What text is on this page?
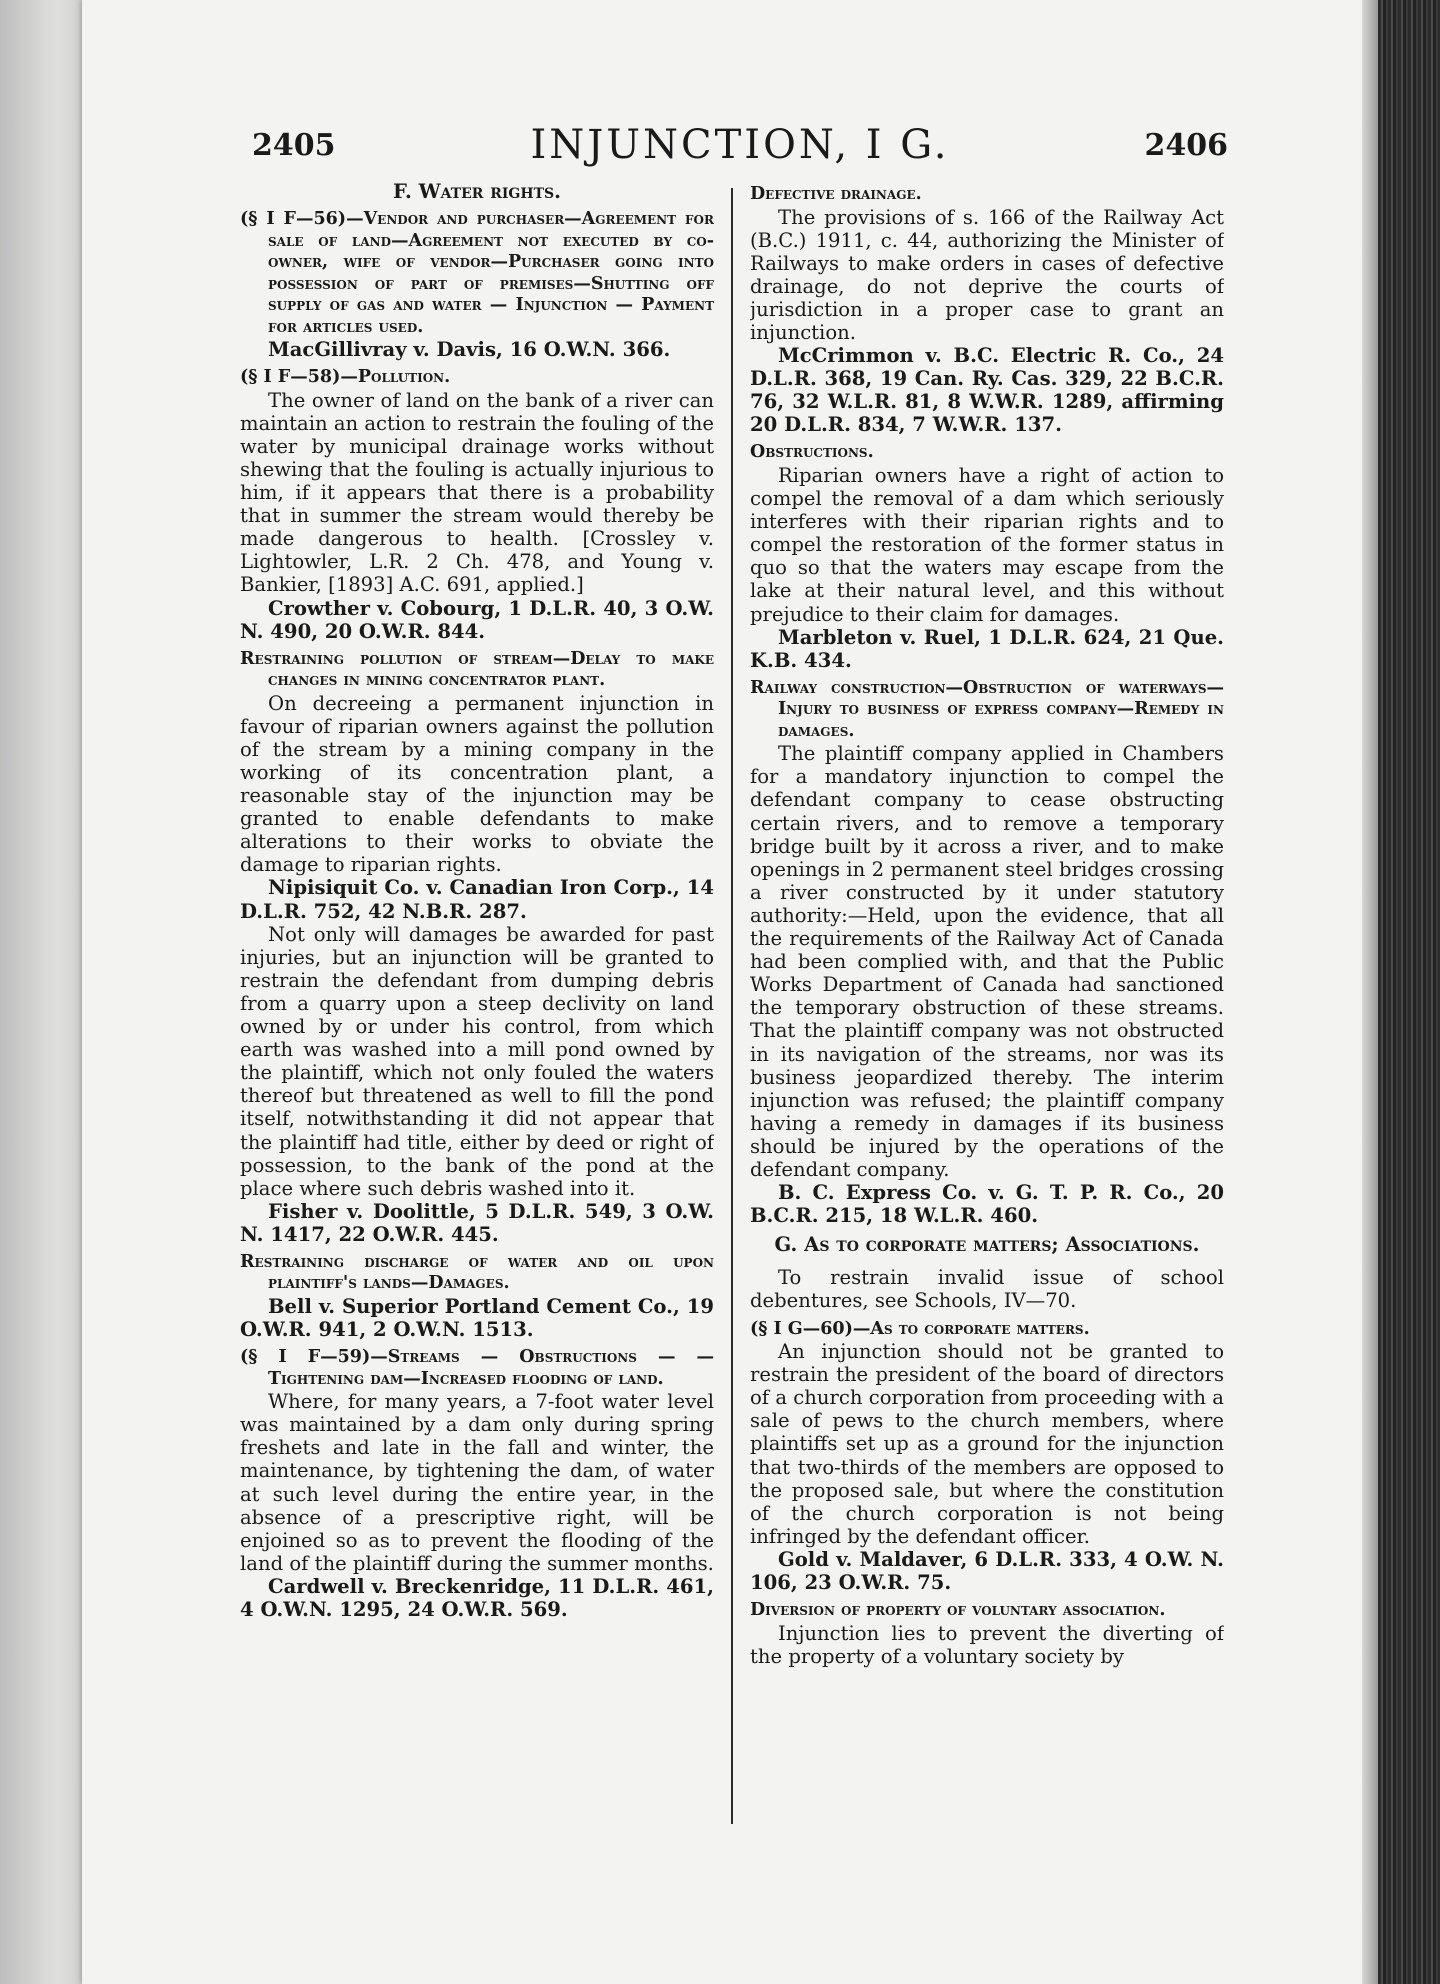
2405	INJUNCTION, I G.	2406

F. Water rights.

(§ I F—56)—Vendor and purchaser—Agreement for sale of land—Agreement not executed by co-owner, wife of vendor—Purchaser going into possession of part of premises—Shutting off supply of gas and water — Injunction — Payment for articles used.

MacGillivray v. Davis, 16 O.W.N. 366.

(§ I F—58)—Pollution.

The owner of land on the bank of a river can maintain an action to restrain the fouling of the water by municipal drainage works without shewing that the fouling is actually injurious to him, if it appears that there is a probability that in summer the stream would thereby be made dangerous to health. [Crossley v. Lightowler, L.R. 2 Ch. 478, and Young v. Bankier, [1893] A.C. 691, applied.]

Crowther v. Cobourg, 1 D.L.R. 40, 3 O.W. N. 490, 20 O.W.R. 844.

Restraining pollution of stream—Delay to make changes in mining concentrator plant.

On decreeing a permanent injunction in favour of riparian owners against the pollution of the stream by a mining company in the working of its concentration plant, a reasonable stay of the injunction may be granted to enable defendants to make alterations to their works to obviate the damage to riparian rights.

Nipisiquit Co. v. Canadian Iron Corp., 14 D.L.R. 752, 42 N.B.R. 287.

Not only will damages be awarded for past injuries, but an injunction will be granted to restrain the defendant from dumping debris from a quarry upon a steep declivity on land owned by or under his control, from which earth was washed into a mill pond owned by the plaintiff, which not only fouled the waters thereof but threatened as well to fill the pond itself, notwithstanding it did not appear that the plaintiff had title, either by deed or right of possession, to the bank of the pond at the place where such debris washed into it.

Fisher v. Doolittle, 5 D.L.R. 549, 3 O.W. N. 1417, 22 O.W.R. 445.

Restraining discharge of water and oil upon plaintiff's lands—Damages.

Bell v. Superior Portland Cement Co., 19 O.W.R. 941, 2 O.W.N. 1513.

(§ I F—59)—Streams — Obstructions — —Tightening dam—Increased flooding of land.

Where, for many years, a 7-foot water level was maintained by a dam only during spring freshets and late in the fall and winter, the maintenance, by tightening the dam, of water at such level during the entire year, in the absence of a prescriptive right, will be enjoined so as to prevent the flooding of the land of the plaintiff during the summer months.

Cardwell v. Breckenridge, 11 D.L.R. 461, 4 O.W.N. 1295, 24 O.W.R. 569.

Defective drainage.

The provisions of s. 166 of the Railway Act (B.C.) 1911, c. 44, authorizing the Minister of Railways to make orders in cases of defective drainage, do not deprive the courts of jurisdiction in a proper case to grant an injunction.

McCrimmon v. B.C. Electric R. Co., 24 D.L.R. 368, 19 Can. Ry. Cas. 329, 22 B.C.R. 76, 32 W.L.R. 81, 8 W.W.R. 1289, affirming 20 D.L.R. 834, 7 W.W.R. 137.

Obstructions.

Riparian owners have a right of action to compel the removal of a dam which seriously interferes with their riparian rights and to compel the restoration of the former status in quo so that the waters may escape from the lake at their natural level, and this without prejudice to their claim for damages.

Marbleton v. Ruel, 1 D.L.R. 624, 21 Que. K.B. 434.

Railway construction—Obstruction of waterways—Injury to business of express company—Remedy in damages.

The plaintiff company applied in Chambers for a mandatory injunction to compel the defendant company to cease obstructing certain rivers, and to remove a temporary bridge built by it across a river, and to make openings in 2 permanent steel bridges crossing a river constructed by it under statutory authority:—Held, upon the evidence, that all the requirements of the Railway Act of Canada had been complied with, and that the Public Works Department of Canada had sanctioned the temporary obstruction of these streams. That the plaintiff company was not obstructed in its navigation of the streams, nor was its business jeopardized thereby. The interim injunction was refused; the plaintiff company having a remedy in damages if its business should be injured by the operations of the defendant company.

B. C. Express Co. v. G. T. P. R. Co., 20 B.C.R. 215, 18 W.L.R. 460.

G. As to corporate matters; Associations.

To restrain invalid issue of school debentures, see Schools, IV—70.

(§ I G—60)—As to corporate matters.

An injunction should not be granted to restrain the president of the board of directors of a church corporation from proceeding with a sale of pews to the church members, where plaintiffs set up as a ground for the injunction that two-thirds of the members are opposed to the proposed sale, but where the constitution of the church corporation is not being infringed by the defendant officer.

Gold v. Maldaver, 6 D.L.R. 333, 4 O.W. N. 106, 23 O.W.R. 75.

Diversion of property of voluntary association.

Injunction lies to prevent the diverting of the property of a voluntary society by
